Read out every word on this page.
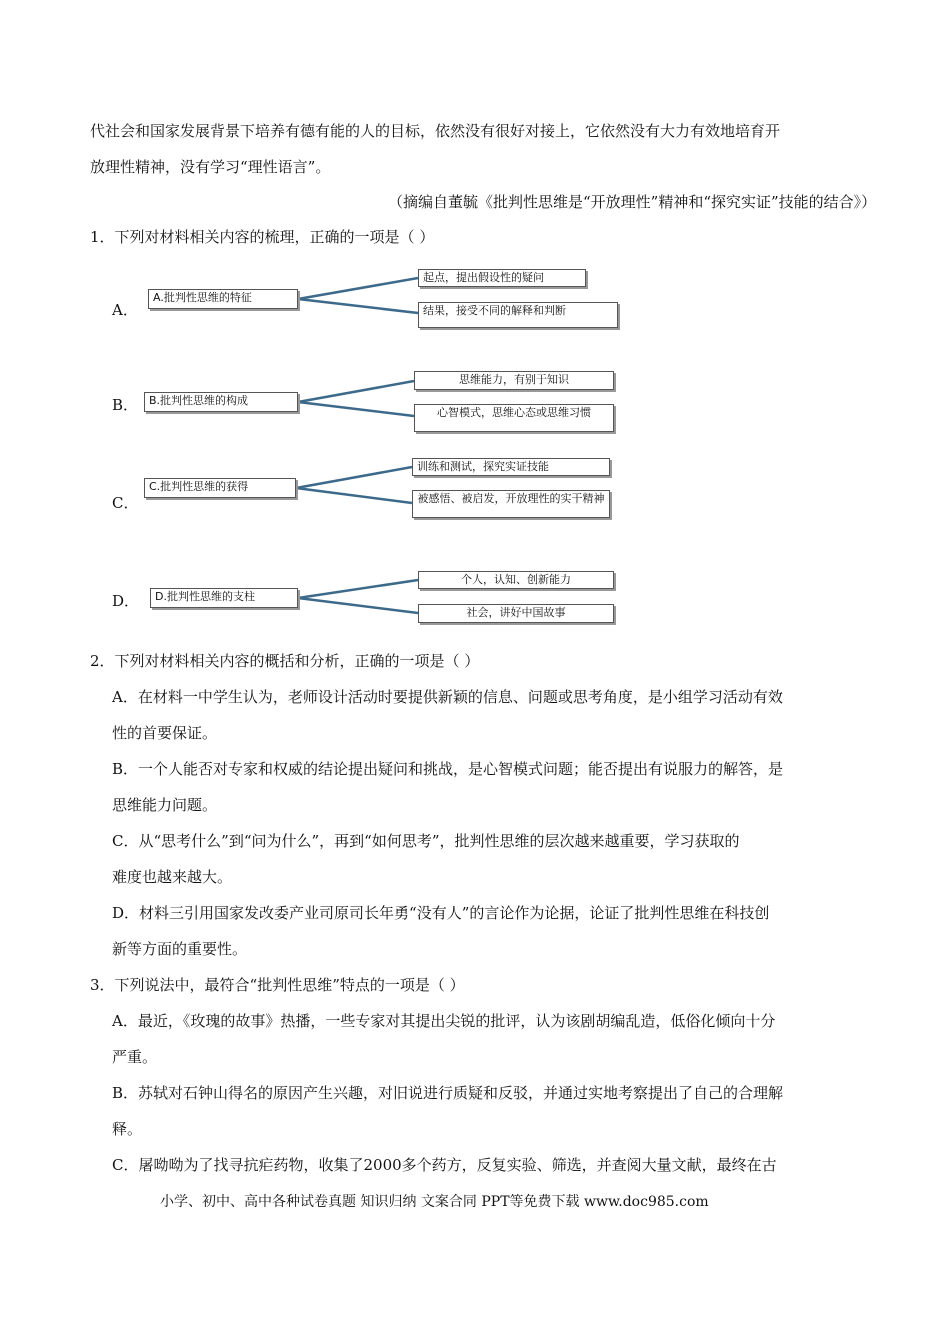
代社会和国家发展背景下培养有德有能的人的目标，依然没有很好对接上，它依然没有大力有效地培育开
放理性精神，没有学习“理性语言”。
（摘编自董毓《批判性思维是“开放理性”精神和“探究实证”技能的结合》）
1．下列对材料相关内容的梳理，正确的一项是（ ）
A．
A.批判性思维的特征
起点，提出假设性的疑问
结果，接受不同的解释和判断
B． B.批判性思维的构成
思维能力，有别于知识
心智模式，思维心态或思维习惯
C．
C.批判性思维的获得
训练和测试，探究实证技能
被感悟、被启发，开放理性的实干精神
D．	D.批判性思维的支柱
个人，认知、创新能力
社会，讲好中国故事
2．下列对材料相关内容的概括和分析，正确的一项是（ ）
A．在材料一中学生认为，老师设计活动时要提供新颖的信息、问题或思考角度，是小组学习活动有效
性的首要保证。
B．一个人能否对专家和权威的结论提出疑问和挑战，是心智模式问题；能否提出有说服力的解答，是
思维能力问题。
C．从“思考什么”到“问为什么”，再到“如何思考”，批判性思维的层次越来越重要，学习获取的
难度也越来越大。
D．材料三引用国家发改委产业司原司长年勇“没有人”的言论作为论据，论证了批判性思维在科技创
新等方面的重要性。
3．下列说法中，最符合“批判性思维”特点的一项是（ ）
A．最近，《玫瑰的故事》热播，一些专家对其提出尖锐的批评，认为该剧胡编乱造，低俗化倾向十分
严重。
B．苏轼对石钟山得名的原因产生兴趣，对旧说进行质疑和反驳，并通过实地考察提出了自己的合理解
释。
C．屠呦呦为了找寻抗疟药物，收集了2000多个药方，反复实验、筛选，并查阅大量文献，最终在古
小学、初中、高中各种试卷真题 知识归纳 文案合同 PPT等免费下载 www.doc985.com
